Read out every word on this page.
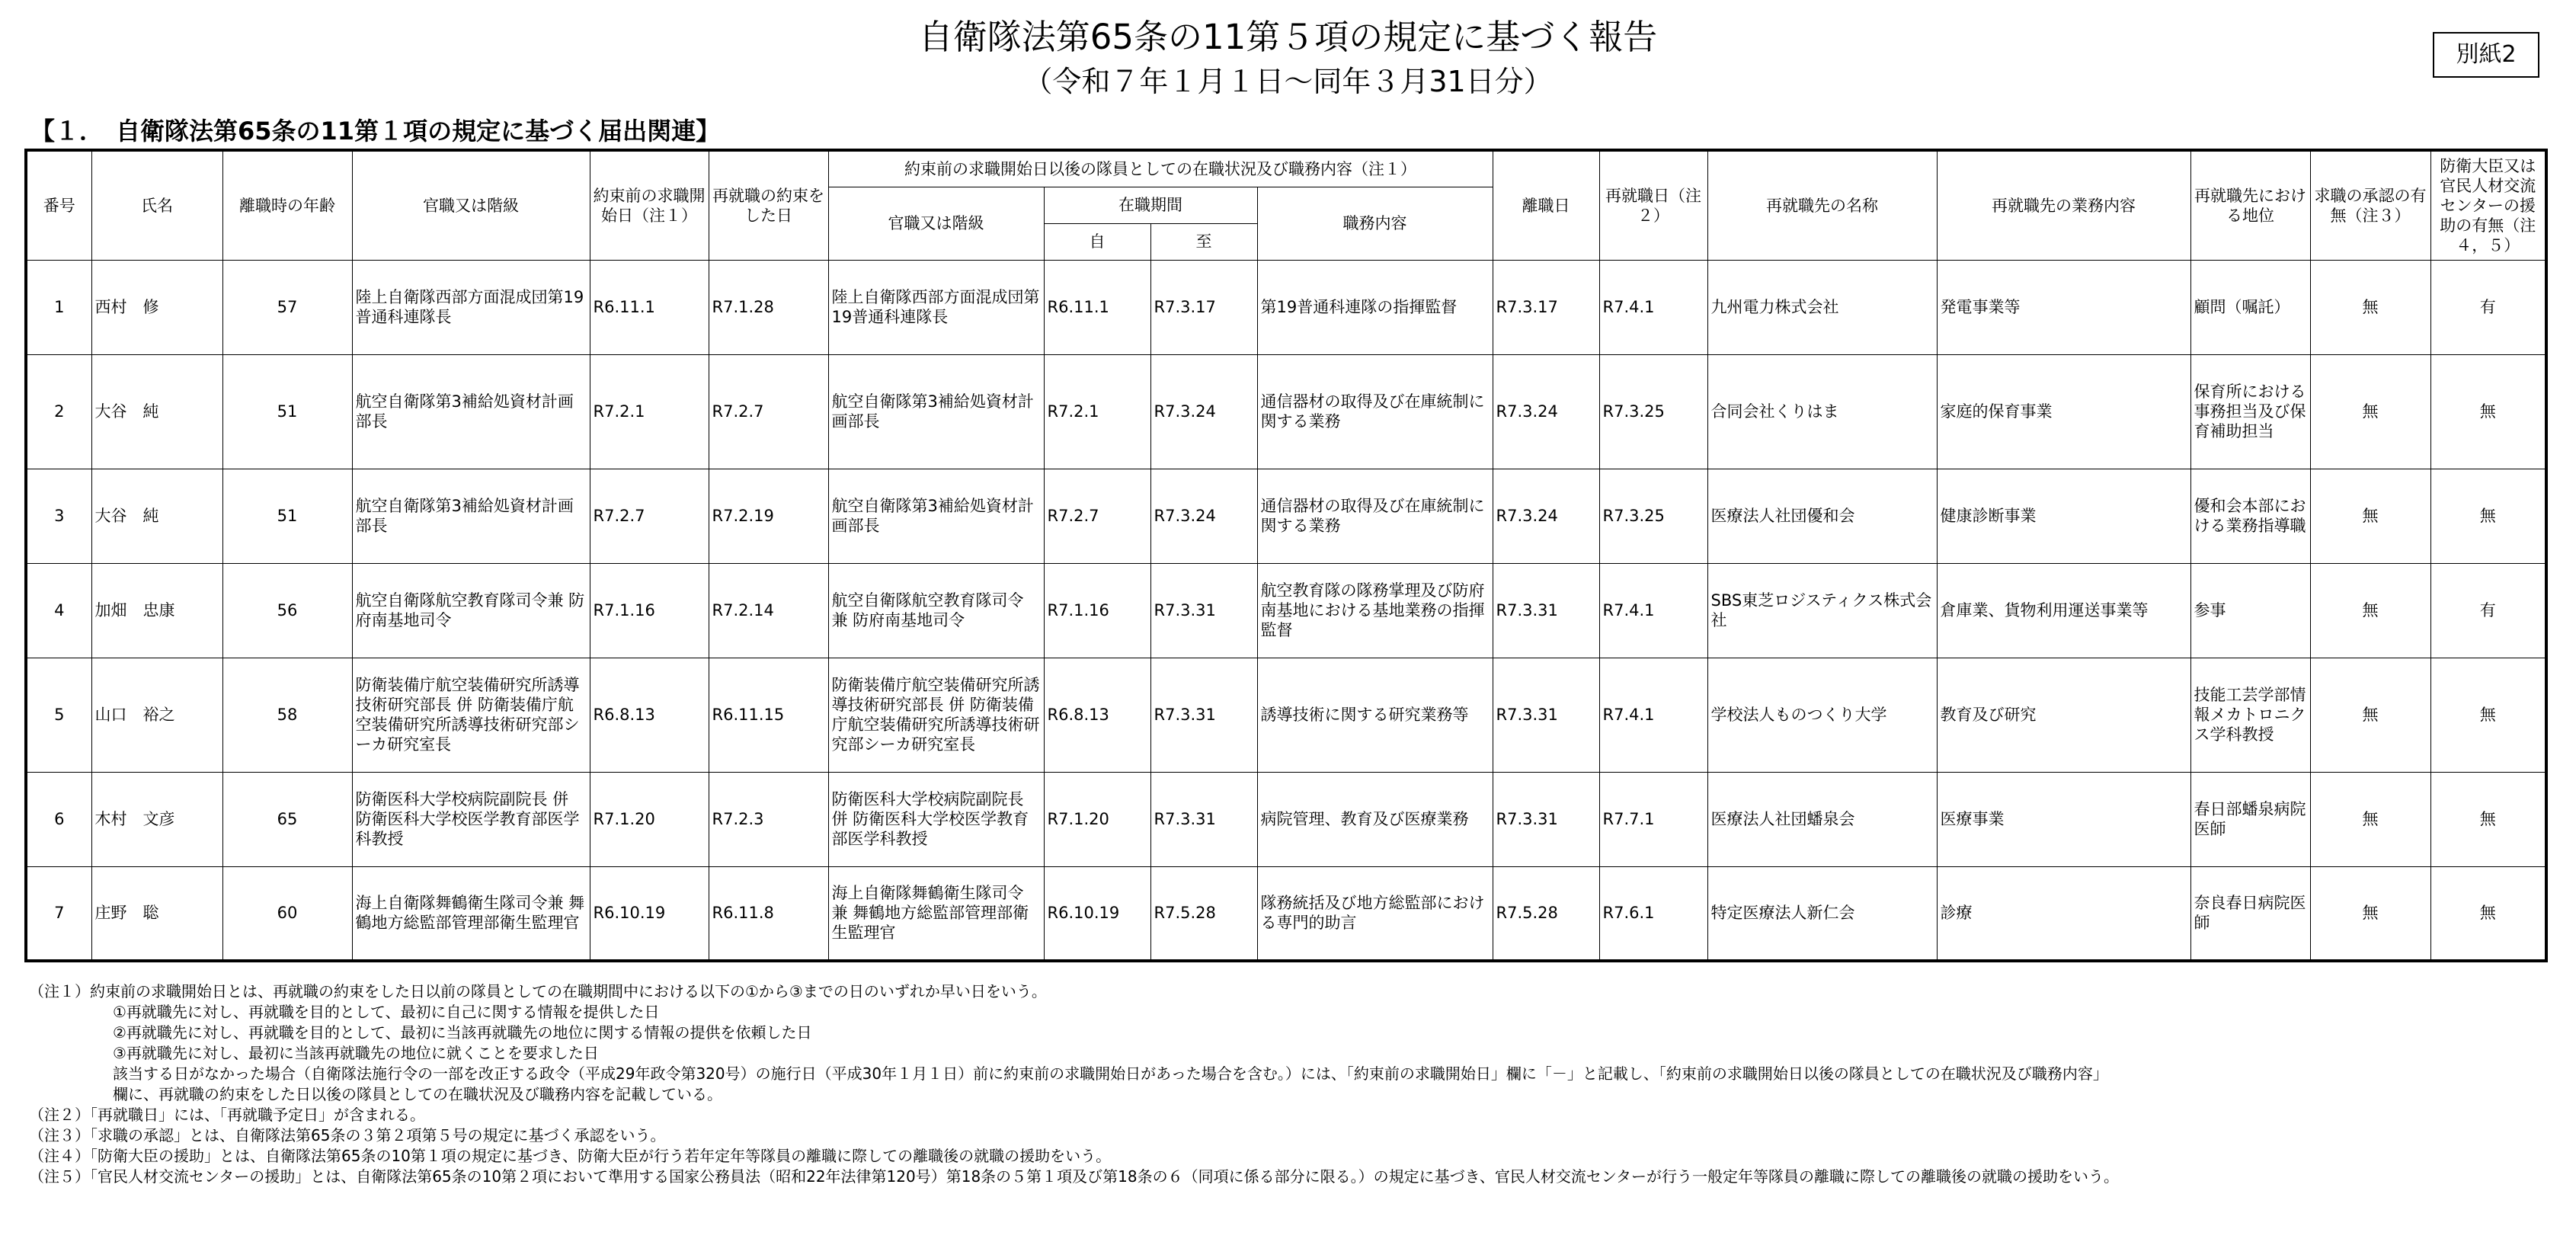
自衛隊法第65条の11第５項の規定に基づく報告
（令和７年１月１日～同年３月31日分）
別紙2
【１．　自衛隊法第65条の11第１項の規定に基づく届出関連】
番号	氏名	離職時の年齢	官職又は階級	約束前の求職開始日（注１）	再就職の約束をした日	約束前の求職開始日以後の隊員としての在職状況及び職務内容（注１）				離職日	再就職日（注２）	再就職先の名称	再就職先の業務内容	再就職先における地位	求職の承認の有無（注３）	防衛大臣又は官民人材交流センターの援助の有無（注４，５）
						官職又は階級	在職期間		職務内容							
							自	至								
1	西村　修	57	陸上自衛隊西部方面混成団第19普通科連隊長	R6.11.1	R7.1.28	陸上自衛隊西部方面混成団第19普通科連隊長	R6.11.1	R7.3.17	第19普通科連隊の指揮監督	R7.3.17	R7.4.1	九州電力株式会社	発電事業等	顧問（嘱託）	無	有
2	大谷　純	51	航空自衛隊第3補給処資材計画部長	R7.2.1	R7.2.7	航空自衛隊第3補給処資材計画部長	R7.2.1	R7.3.24	通信器材の取得及び在庫統制に関する業務	R7.3.24	R7.3.25	合同会社くりはま	家庭的保育事業	保育所における事務担当及び保育補助担当	無	無
3	大谷　純	51	航空自衛隊第3補給処資材計画部長	R7.2.7	R7.2.19	航空自衛隊第3補給処資材計画部長	R7.2.7	R7.3.24	通信器材の取得及び在庫統制に関する業務	R7.3.24	R7.3.25	医療法人社団優和会	健康診断事業	優和会本部における業務指導職	無	無
4	加畑　忠康	56	航空自衛隊航空教育隊司令兼 防府南基地司令	R7.1.16	R7.2.14	航空自衛隊航空教育隊司令 兼 防府南基地司令	R7.1.16	R7.3.31	航空教育隊の隊務掌理及び防府南基地における基地業務の指揮監督	R7.3.31	R7.4.1	SBS東芝ロジスティクス株式会社	倉庫業、貨物利用運送事業等	参事	無	有
5	山口　裕之	58	防衛装備庁航空装備研究所誘導技術研究部長 併 防衛装備庁航空装備研究所誘導技術研究部シーカ研究室長	R6.8.13	R6.11.15	防衛装備庁航空装備研究所誘導技術研究部長 併 防衛装備庁航空装備研究所誘導技術研究部シーカ研究室長	R6.8.13	R7.3.31	誘導技術に関する研究業務等	R7.3.31	R7.4.1	学校法人ものつくり大学	教育及び研究	技能工芸学部情報メカトロニクス学科教授	無	無
6	木村　文彦	65	防衛医科大学校病院副院長 併 防衛医科大学校医学教育部医学科教授	R7.1.20	R7.2.3	防衛医科大学校病院副院長 併 防衛医科大学校医学教育部医学科教授	R7.1.20	R7.3.31	病院管理、教育及び医療業務	R7.3.31	R7.7.1	医療法人社団蟠泉会	医療事業	春日部蟠泉病院医師	無	無
7	庄野　聡	60	海上自衛隊舞鶴衛生隊司令兼 舞鶴地方総監部管理部衛生監理官	R6.10.19	R6.11.8	海上自衛隊舞鶴衛生隊司令 兼 舞鶴地方総監部管理部衛生監理官	R6.10.19	R7.5.28	隊務統括及び地方総監部における専門的助言	R7.5.28	R7.6.1	特定医療法人新仁会	診療	奈良春日病院医師	無	無
（注１）約束前の求職開始日とは、再就職の約束をした日以前の隊員としての在職期間中における以下の①から③までの日のいずれか早い日をいう。
①再就職先に対し、再就職を目的として、最初に自己に関する情報を提供した日
②再就職先に対し、再就職を目的として、最初に当該再就職先の地位に関する情報の提供を依頼した日
③再就職先に対し、最初に当該再就職先の地位に就くことを要求した日
該当する日がなかった場合（自衛隊法施行令の一部を改正する政令（平成29年政令第320号）の施行日（平成30年１月１日）前に約束前の求職開始日があった場合を含む。）には、「約束前の求職開始日」欄に「－」と記載し、「約束前の求職開始日以後の隊員としての在職状況及び職務内容」
欄に、再就職の約束をした日以後の隊員としての在職状況及び職務内容を記載している。
（注２）「再就職日」には、「再就職予定日」が含まれる。
（注３）「求職の承認」とは、自衛隊法第65条の３第２項第５号の規定に基づく承認をいう。
（注４）「防衛大臣の援助」とは、自衛隊法第65条の10第１項の規定に基づき、防衛大臣が行う若年定年等隊員の離職に際しての離職後の就職の援助をいう。
（注５）「官民人材交流センターの援助」とは、自衛隊法第65条の10第２項において準用する国家公務員法（昭和22年法律第120号）第18条の５第１項及び第18条の６（同項に係る部分に限る。）の規定に基づき、官民人材交流センターが行う一般定年等隊員の離職に際しての離職後の就職の援助をいう。
